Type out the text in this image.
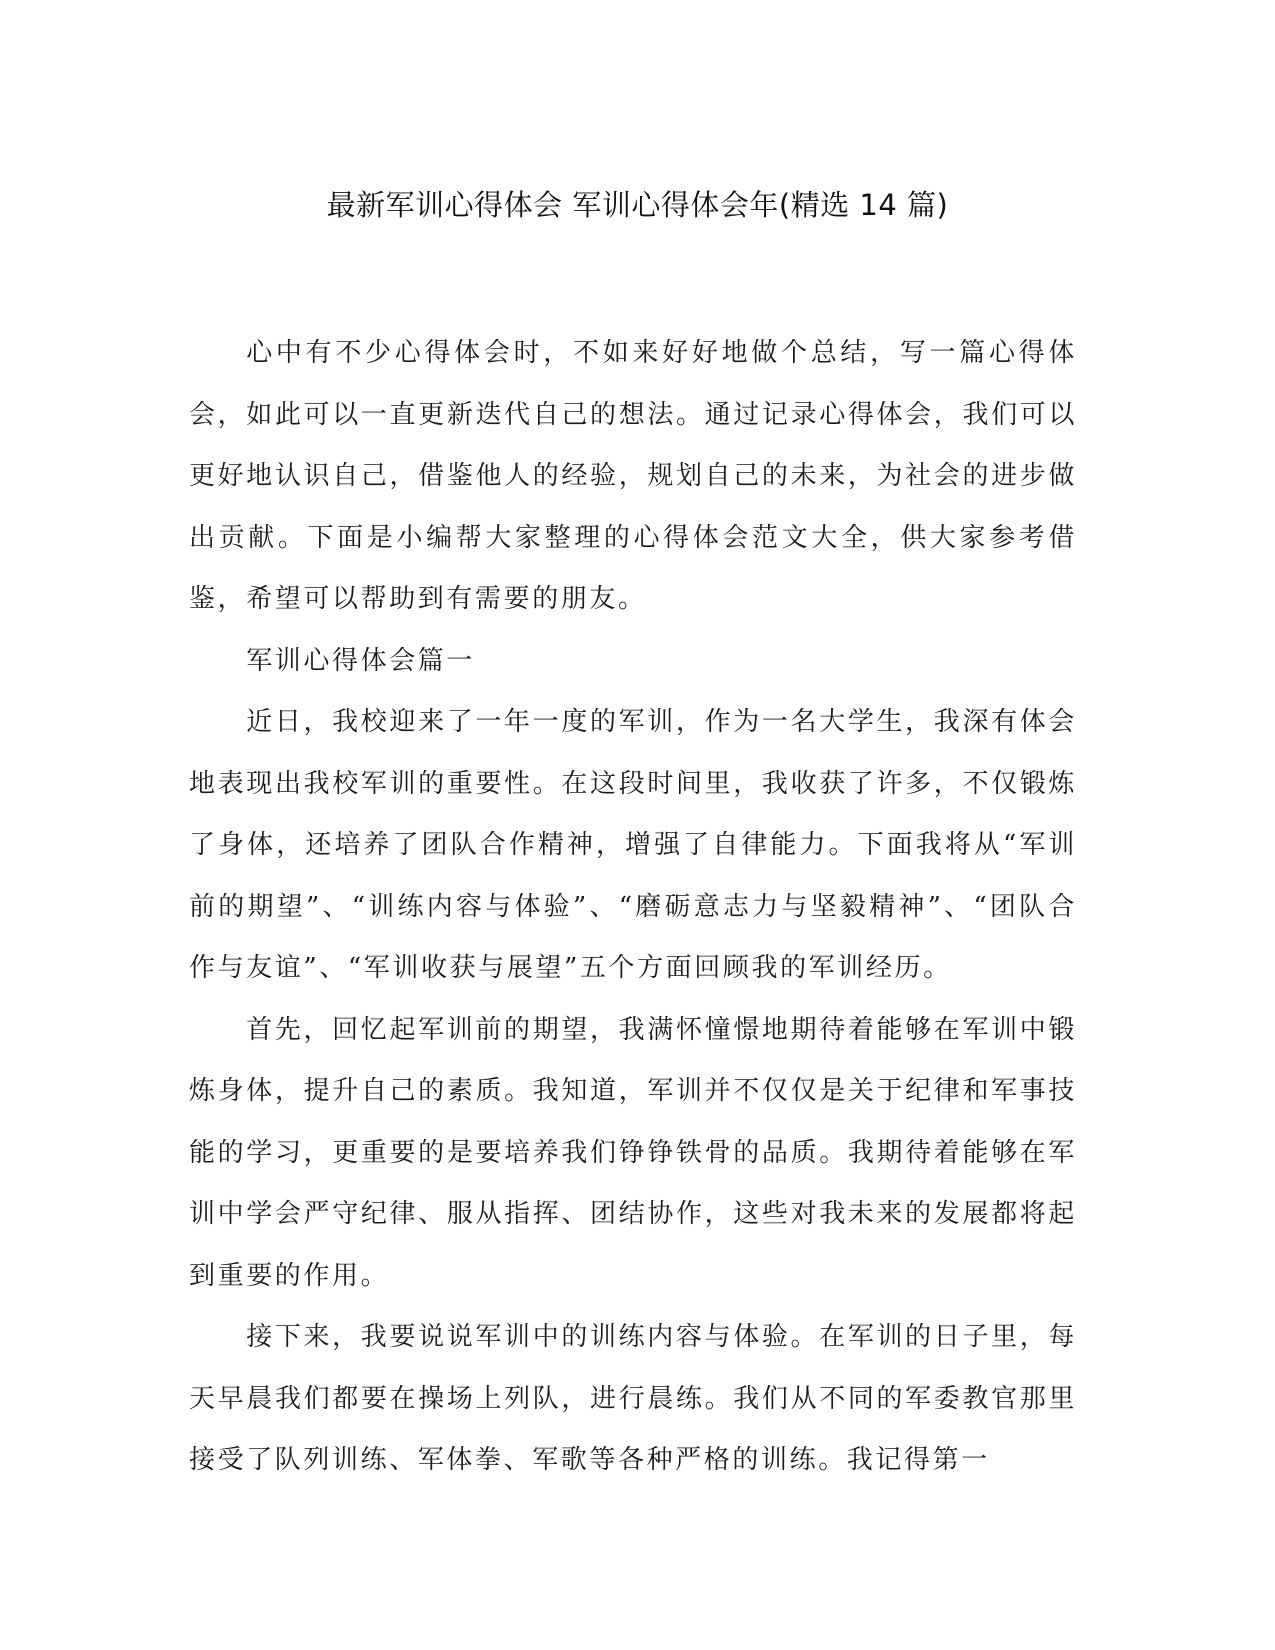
最新军训心得体会 军训心得体会年(精选 14 篇)

心中有不少心得体会时，不如来好好地做个总结，写一篇心得体会，如此可以一直更新迭代自己的想法。通过记录心得体会，我们可以更好地认识自己，借鉴他人的经验，规划自己的未来，为社会的进步做出贡献。下面是小编帮大家整理的心得体会范文大全，供大家参考借鉴，希望可以帮助到有需要的朋友。

军训心得体会篇一

近日，我校迎来了一年一度的军训，作为一名大学生，我深有体会地表现出我校军训的重要性。在这段时间里，我收获了许多，不仅锻炼了身体，还培养了团队合作精神，增强了自律能力。下面我将从“军训前的期望”、“训练内容与体验”、“磨砺意志力与坚毅精神”、“团队合作与友谊”、“军训收获与展望”五个方面回顾我的军训经历。

首先，回忆起军训前的期望，我满怀憧憬地期待着能够在军训中锻炼身体，提升自己的素质。我知道，军训并不仅仅是关于纪律和军事技能的学习，更重要的是要培养我们铮铮铁骨的品质。我期待着能够在军训中学会严守纪律、服从指挥、团结协作，这些对我未来的发展都将起到重要的作用。

接下来，我要说说军训中的训练内容与体验。在军训的日子里，每天早晨我们都要在操场上列队，进行晨练。我们从不同的军委教官那里接受了队列训练、军体拳、军歌等各种严格的训练。我记得第一
